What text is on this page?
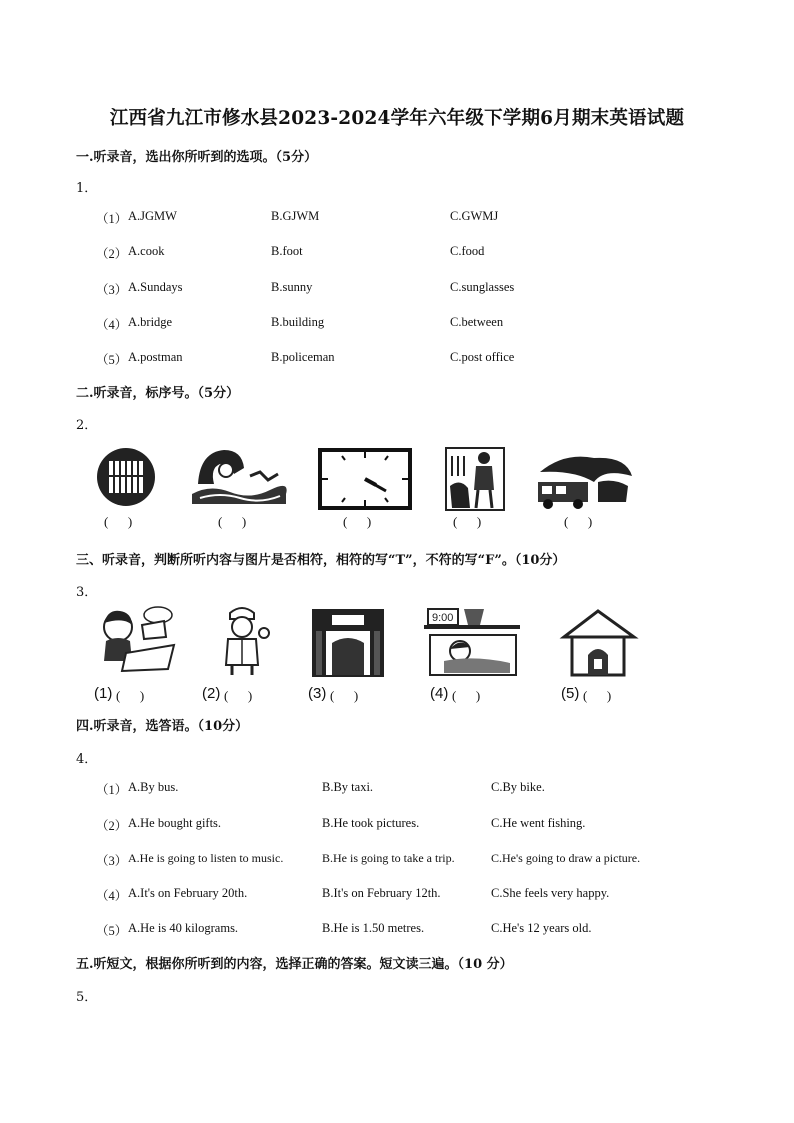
江西省九江市修水县2023-2024学年六年级下学期6月期末英语试题
一.听录音，选出你所听到的选项。（5分）
1．
（1） A.JGMW	B.GJWM	C.GWMJ
（2） A.cook	B.foot	C.food
（3） A.Sundays	B.sunny	C.sunglasses
（4） A.bridge	B.building	C.between
（5） A.postman	B.policeman	C.post office
二.听录音，标序号。（5分）
2．
(      )	(      )	(      )	(      )	(      )
三、听录音，判断所听内容与图片是否相符，相符的写“T”，不符的写“F”。（10分）
3．
9:00
(1) (      )	(2) (      )	(3) (      )	(4) (      )	(5) (      )
四.听录音，选答语。（10分）
4．
（1） A.By bus.	B.By taxi.	C.By bike.
（2） A.He bought gifts.	B.He took pictures.	C.He went fishing.
（3） A.He is going to listen to music.	B.He is going to take a trip.	C.He's going to draw a picture.
（4） A.It's on February 20th.	B.It's on February 12th.	C.She feels very happy.
（5） A.He is 40 kilograms.	B.He is 1.50 metres.	C.He's 12 years old.
五.听短文，根据你所听到的内容，选择正确的答案。短文读三遍。（10 分）
5．
